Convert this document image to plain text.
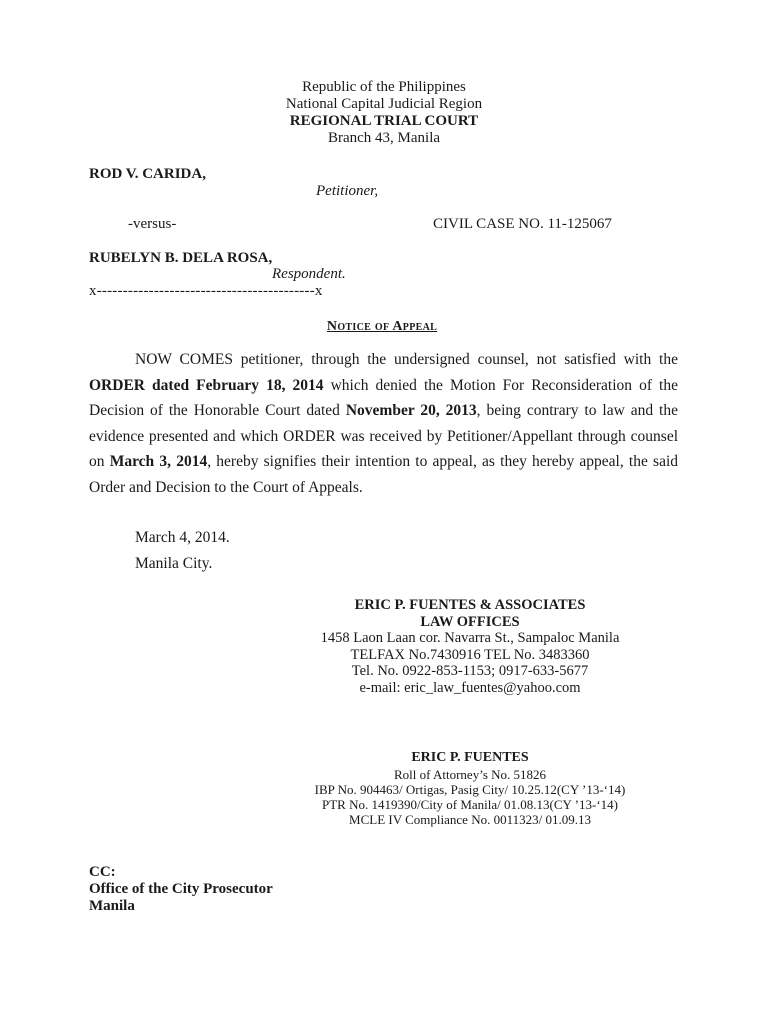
Republic of the Philippines
National Capital Judicial Region
REGIONAL TRIAL COURT
Branch 43, Manila
ROD V. CARIDA,
Petitioner,
-versus-	CIVIL CASE NO. 11-125067
RUBELYN B. DELA ROSA,
Respondent.
x------------------------------------------x
Notice of Appeal
NOW COMES petitioner, through the undersigned counsel, not satisfied with the ORDER dated February 18, 2014 which denied the Motion For Reconsideration of the Decision of the Honorable Court dated November 20, 2013, being contrary to law and the evidence presented and which ORDER was received by Petitioner/Appellant through counsel on March 3, 2014, hereby signifies their intention to appeal, as they hereby appeal, the said Order and Decision to the Court of Appeals.
March 4, 2014.
Manila City.
ERIC P. FUENTES & ASSOCIATES
LAW OFFICES
1458 Laon Laan cor. Navarra St., Sampaloc Manila
TELFAX No.7430916 TEL No. 3483360
Tel. No. 0922-853-1153; 0917-633-5677
e-mail: eric_law_fuentes@yahoo.com
ERIC P. FUENTES
Roll of Attorney’s No. 51826
IBP No. 904463/ Ortigas, Pasig City/ 10.25.12(CY ’13-‘14)
PTR No. 1419390/City of Manila/ 01.08.13(CY ’13-‘14)
MCLE IV Compliance No. 0011323/ 01.09.13
CC:
Office of the City Prosecutor
Manila
